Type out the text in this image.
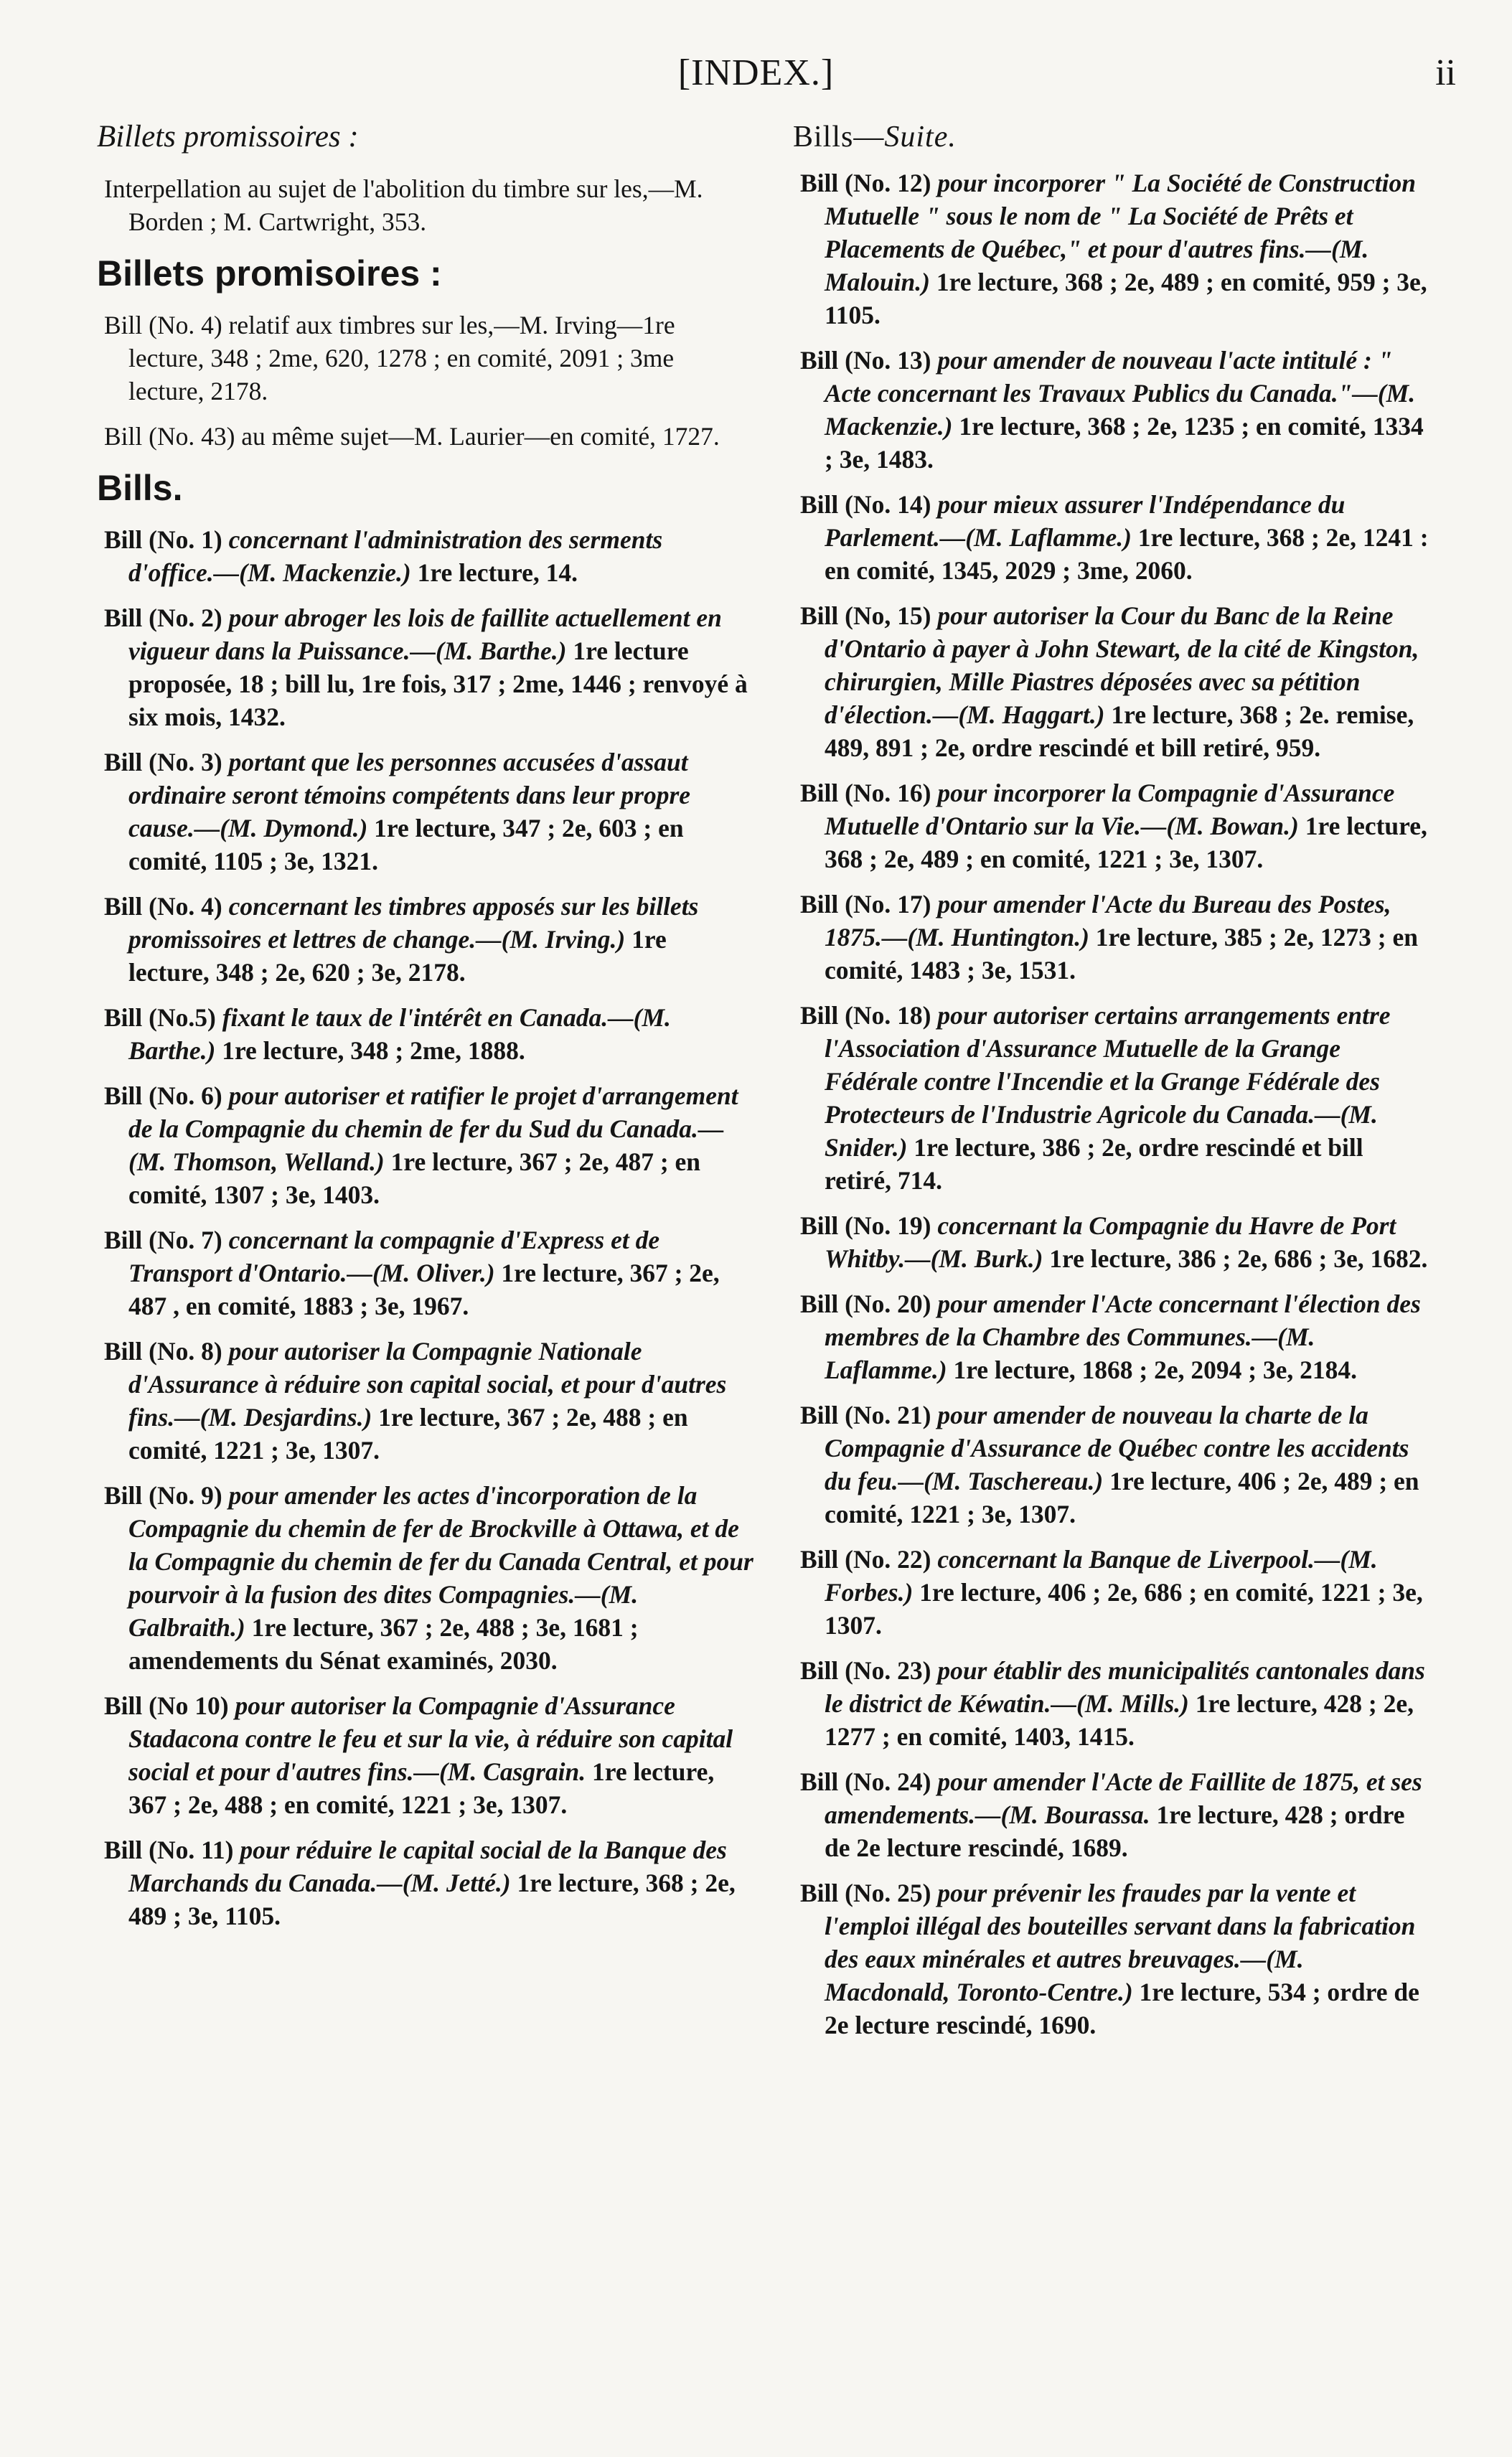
[INDEX.]	ii
Billets promissoires :
Interpellation au sujet de l'abolition du timbre sur les,—M. Borden ; M. Cartwright, 353.
Billets promisoires :
Bill (No. 4) relatif aux timbres sur les,—M. Irving—1re lecture, 348 ; 2me, 620, 1278 ; en comité, 2091 ; 3me lecture, 2178.
Bill (No. 43) au même sujet—M. Laurier—en comité, 1727.
Bills.
Bill (No. 1) concernant l'administration des serments d'office.—(M. Mackenzie.) 1re lecture, 14.
Bill (No. 2) pour abroger les lois de faillite actuellement en vigueur dans la Puissance.—(M. Barthe.) 1re lecture proposée, 18 ; bill lu, 1re fois, 317 ; 2me, 1446 ; renvoyé à six mois, 1432.
Bill (No. 3) portant que les personnes accusées d'assaut ordinaire seront témoins compétents dans leur propre cause.—(M. Dymond.) 1re lecture, 347 ; 2e, 603 ; en comité, 1105 ; 3e, 1321.
Bill (No. 4) concernant les timbres apposés sur les billets promissoires et lettres de change.—(M. Irving.) 1re lecture, 348 ; 2e, 620 ; 3e, 2178.
Bill (No.5) fixant le taux de l'intérêt en Canada.—(M. Barthe.) 1re lecture, 348 ; 2me, 1888.
Bill (No. 6) pour autoriser et ratifier le projet d'arrangement de la Compagnie du chemin de fer du Sud du Canada.—(M. Thomson, Welland.) 1re lecture, 367 ; 2e, 487 ; en comité, 1307 ; 3e, 1403.
Bill (No. 7) concernant la compagnie d'Express et de Transport d'Ontario.—(M. Oliver.) 1re lecture, 367 ; 2e, 487 , en comité, 1883 ; 3e, 1967.
Bill (No. 8) pour autoriser la Compagnie Nationale d'Assurance à réduire son capital social, et pour d'autres fins.—(M. Desjardins.) 1re lecture, 367 ; 2e, 488 ; en comité, 1221 ; 3e, 1307.
Bill (No. 9) pour amender les actes d'incorporation de la Compagnie du chemin de fer de Brockville à Ottawa, et de la Compagnie du chemin de fer du Canada Central, et pour pourvoir à la fusion des dites Compagnies.—(M. Galbraith.) 1re lecture, 367 ; 2e, 488 ; 3e, 1681 ; amendements du Sénat examinés, 2030.
Bill (No 10) pour autoriser la Compagnie d'Assurance Stadacona contre le feu et sur la vie, à réduire son capital social et pour d'autres fins.—(M. Casgrain. 1re lecture, 367 ; 2e, 488 ; en comité, 1221 ; 3e, 1307.
Bill (No. 11) pour réduire le capital social de la Banque des Marchands du Canada.—(M. Jetté.) 1re lecture, 368 ; 2e, 489 ; 3e, 1105.
Bills—Suite.
Bill (No. 12) pour incorporer " La Société de Construction Mutuelle " sous le nom de " La Société de Prêts et Placements de Québec," et pour d'autres fins.—(M. Malouin.) 1re lecture, 368 ; 2e, 489 ; en comité, 959 ; 3e, 1105.
Bill (No. 13) pour amender de nouveau l'acte intitulé : " Acte concernant les Travaux Publics du Canada."—(M. Mackenzie.) 1re lecture, 368 ; 2e, 1235 ; en comité, 1334 ; 3e, 1483.
Bill (No. 14) pour mieux assurer l'Indépendance du Parlement.—(M. Laflamme.) 1re lecture, 368 ; 2e, 1241 : en comité, 1345, 2029 ; 3me, 2060.
Bill (No, 15) pour autoriser la Cour du Banc de la Reine d'Ontario à payer à John Stewart, de la cité de Kingston, chirurgien, Mille Piastres déposées avec sa pétition d'élection.—(M. Haggart.) 1re lecture, 368 ; 2e. remise, 489, 891 ; 2e, ordre rescindé et bill retiré, 959.
Bill (No. 16) pour incorporer la Compagnie d'Assurance Mutuelle d'Ontario sur la Vie.—(M. Bowan.) 1re lecture, 368 ; 2e, 489 ; en comité, 1221 ; 3e, 1307.
Bill (No. 17) pour amender l'Acte du Bureau des Postes, 1875.—(M. Huntington.) 1re lecture, 385 ; 2e, 1273 ; en comité, 1483 ; 3e, 1531.
Bill (No. 18) pour autoriser certains arrangements entre l'Association d'Assurance Mutuelle de la Grange Fédérale contre l'Incendie et la Grange Fédérale des Protecteurs de l'Industrie Agricole du Canada.—(M. Snider.) 1re lecture, 386 ; 2e, ordre rescindé et bill retiré, 714.
Bill (No. 19) concernant la Compagnie du Havre de Port Whitby.—(M. Burk.) 1re lecture, 386 ; 2e, 686 ; 3e, 1682.
Bill (No. 20) pour amender l'Acte concernant l'élection des membres de la Chambre des Communes.—(M. Laflamme.) 1re lecture, 1868 ; 2e, 2094 ; 3e, 2184.
Bill (No. 21) pour amender de nouveau la charte de la Compagnie d'Assurance de Québec contre les accidents du feu.—(M. Taschereau.) 1re lecture, 406 ; 2e, 489 ; en comité, 1221 ; 3e, 1307.
Bill (No. 22) concernant la Banque de Liverpool.—(M. Forbes.) 1re lecture, 406 ; 2e, 686 ; en comité, 1221 ; 3e, 1307.
Bill (No. 23) pour établir des municipalités cantonales dans le district de Kéwatin.—(M. Mills.) 1re lecture, 428 ; 2e, 1277 ; en comité, 1403, 1415.
Bill (No. 24) pour amender l'Acte de Faillite de 1875, et ses amendements.—(M. Bourassa. 1re lecture, 428 ; ordre de 2e lecture rescindé, 1689.
Bill (No. 25) pour prévenir les fraudes par la vente et l'emploi illégal des bouteilles servant dans la fabrication des eaux minérales et autres breuvages.—(M. Macdonald, Toronto-Centre.) 1re lecture, 534 ; ordre de 2e lecture rescindé, 1690.
